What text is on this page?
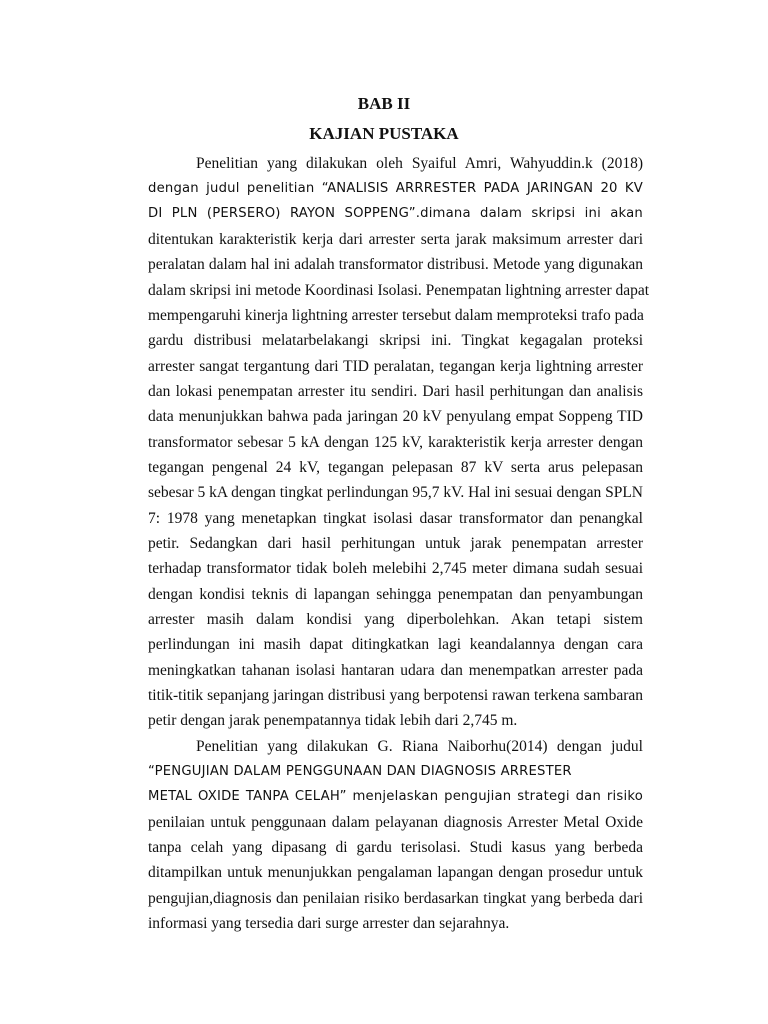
BAB II
KAJIAN PUSTAKA
Penelitian yang dilakukan oleh Syaiful Amri, Wahyuddin.k (2018)
dengan judul penelitian “ANALISIS ARRRESTER PADA JARINGAN 20 KV
DI PLN (PERSERO) RAYON SOPPENG”.dimana dalam skripsi ini akan
ditentukan karakteristik kerja dari arrester serta jarak maksimum arrester dari
peralatan dalam hal ini adalah transformator distribusi. Metode yang digunakan
dalam skripsi ini metode Koordinasi Isolasi. Penempatan lightning arrester dapat
mempengaruhi kinerja lightning arrester tersebut dalam memproteksi trafo pada
gardu distribusi melatarbelakangi skripsi ini. Tingkat kegagalan proteksi
arrester sangat tergantung dari TID peralatan, tegangan kerja lightning arrester
dan lokasi penempatan arrester itu sendiri. Dari hasil perhitungan dan analisis
data menunjukkan bahwa pada jaringan 20 kV penyulang empat Soppeng TID
transformator sebesar 5 kA dengan 125 kV, karakteristik kerja arrester dengan
tegangan pengenal 24 kV, tegangan pelepasan 87 kV serta arus pelepasan
sebesar 5 kA dengan tingkat perlindungan 95,7 kV. Hal ini sesuai dengan SPLN
7: 1978 yang menetapkan tingkat isolasi dasar transformator dan penangkal
petir. Sedangkan dari hasil perhitungan untuk jarak penempatan arrester
terhadap transformator tidak boleh melebihi 2,745 meter dimana sudah sesuai
dengan kondisi teknis di lapangan sehingga penempatan dan penyambungan
arrester masih dalam kondisi yang diperbolehkan. Akan tetapi sistem
perlindungan ini masih dapat ditingkatkan lagi keandalannya dengan cara
meningkatkan tahanan isolasi hantaran udara dan menempatkan arrester pada
titik-titik sepanjang jaringan distribusi yang berpotensi rawan terkena sambaran
petir dengan jarak penempatannya tidak lebih dari 2,745 m.
Penelitian yang dilakukan G. Riana Naiborhu(2014) dengan judul
“PENGUJIAN DALAM PENGGUNAAN DAN DIAGNOSIS ARRESTER
METAL OXIDE TANPA CELAH” menjelaskan pengujian strategi dan risiko
penilaian untuk penggunaan dalam pelayanan diagnosis Arrester Metal Oxide
tanpa celah yang dipasang di gardu terisolasi. Studi kasus yang berbeda
ditampilkan untuk menunjukkan pengalaman lapangan dengan prosedur untuk
pengujian,diagnosis dan penilaian risiko berdasarkan tingkat yang berbeda dari
informasi yang tersedia dari surge arrester dan sejarahnya.
